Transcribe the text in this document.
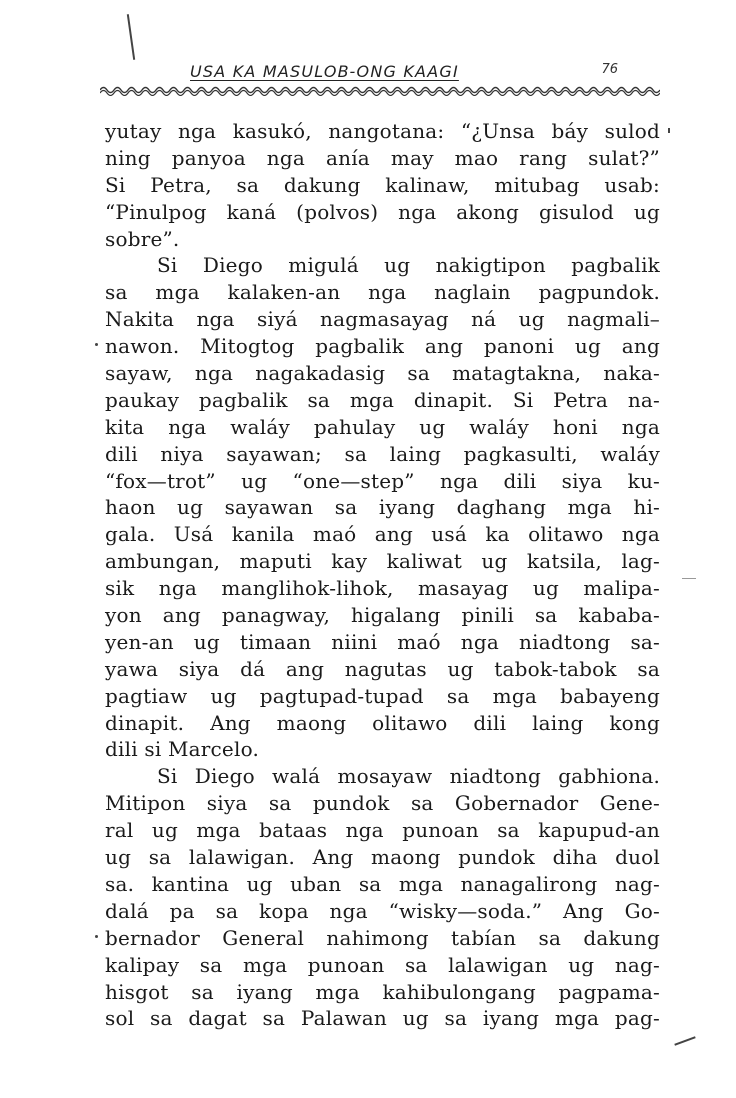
USA KA MASULOB-ONG KAAGI	76
yutay nga kasukó, nangotana: “¿Unsa báy sulod
ning panyoa nga anía may mao rang sulat?”
Si Petra, sa dakung kalinaw, mitubag usab:
“Pinulpog kaná (polvos) nga akong gisulod ug
sobre”.
Si Diego migulá ug nakigtipon pagbalik
sa mga kalaken-an nga naglain pagpundok.
Nakita nga siyá nagmasayag ná ug nagmali–
nawon. Mitogtog pagbalik ang panoni ug ang
sayaw, nga nagakadasig sa matagtakna, naka-
paukay pagbalik sa mga dinapit. Si Petra na-
kita nga waláy pahulay ug waláy honi nga
dili niya sayawan; sa laing pagkasulti, waláy
“fox—trot” ug “one—step” nga dili siya ku-
haon ug sayawan sa iyang daghang mga hi-
gala. Usá kanila maó ang usá ka olitawo nga
ambungan, maputi kay kaliwat ug katsila, lag-
sik nga manglihok-lihok, masayag ug malipa-
yon ang panagway, higalang pinili sa kababa-
yen-an ug timaan niini maó nga niadtong sa-
yawa siya dá ang nagutas ug tabok-tabok sa
pagtiaw ug pagtupad-tupad sa mga babayeng
dinapit. Ang maong olitawo dili laing kong
dili si Marcelo.
Si Diego walá mosayaw niadtong gabhiona.
Mitipon siya sa pundok sa Gobernador Gene-
ral ug mga bataas nga punoan sa kapupud-an
ug sa lalawigan. Ang maong pundok diha duol
sa. kantina ug uban sa mga nanagalirong nag-
dalá pa sa kopa nga “wisky—soda.” Ang Go-
bernador General nahimong tabían sa dakung
kalipay sa mga punoan sa lalawigan ug nag-
hisgot sa iyang mga kahibulongang pagpama-
sol sa dagat sa Palawan ug sa iyang mga pag-
